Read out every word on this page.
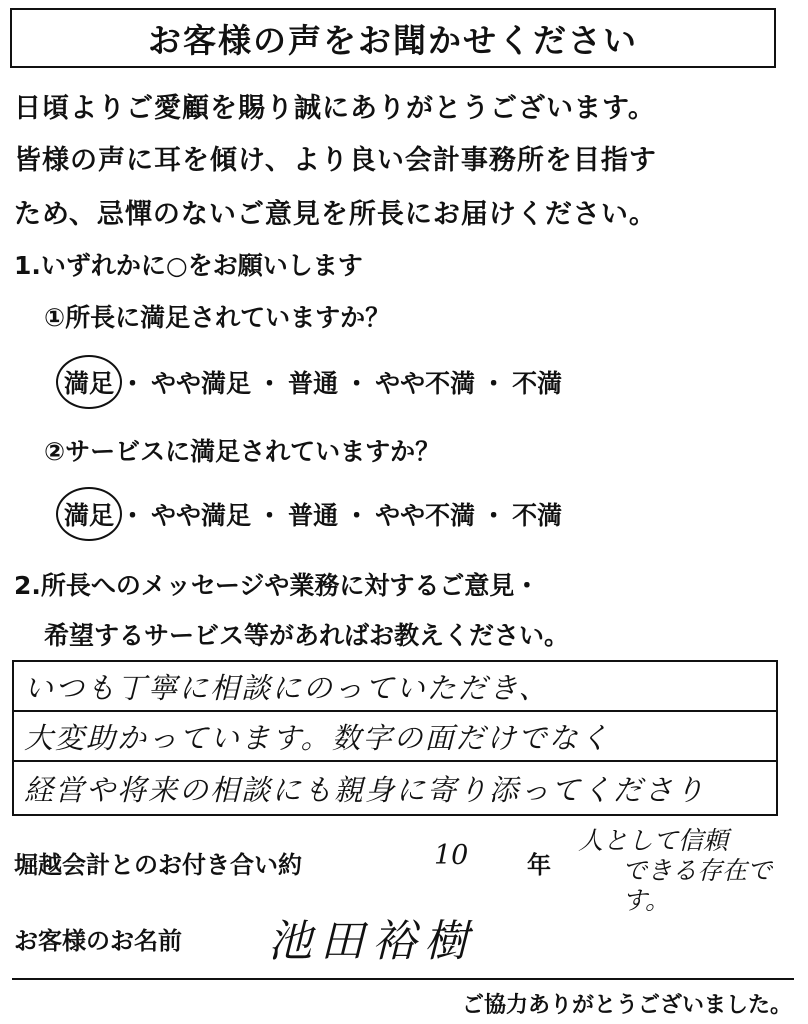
お客様の声をお聞かせください
日頃よりご愛顧を賜り誠にありがとうございます。
皆様の声に耳を傾け、より良い会計事務所を目指す
ため、忌憚のないご意見を所長にお届けください。
1.いずれかに○をお願いします
①所長に満足されていますか？
満足 ・ やや満足 ・ 普通 ・ やや不満 ・ 不満
②サービスに満足されていますか？
満足 ・ やや満足 ・ 普通 ・ やや不満 ・ 不満
2.所長へのメッセージや業務に対するご意見・
希望するサービス等があればお教えください。
いつも丁寧に相談にのっていただき、
大変助かっています。数字の面だけでなく
経営や将来の相談にも親身に寄り添ってくださり
堀越会計とのお付き合い約	10 年
人として信頼
できる存在です。
お客様のお名前 池田裕樹
ご協力ありがとうございました。
